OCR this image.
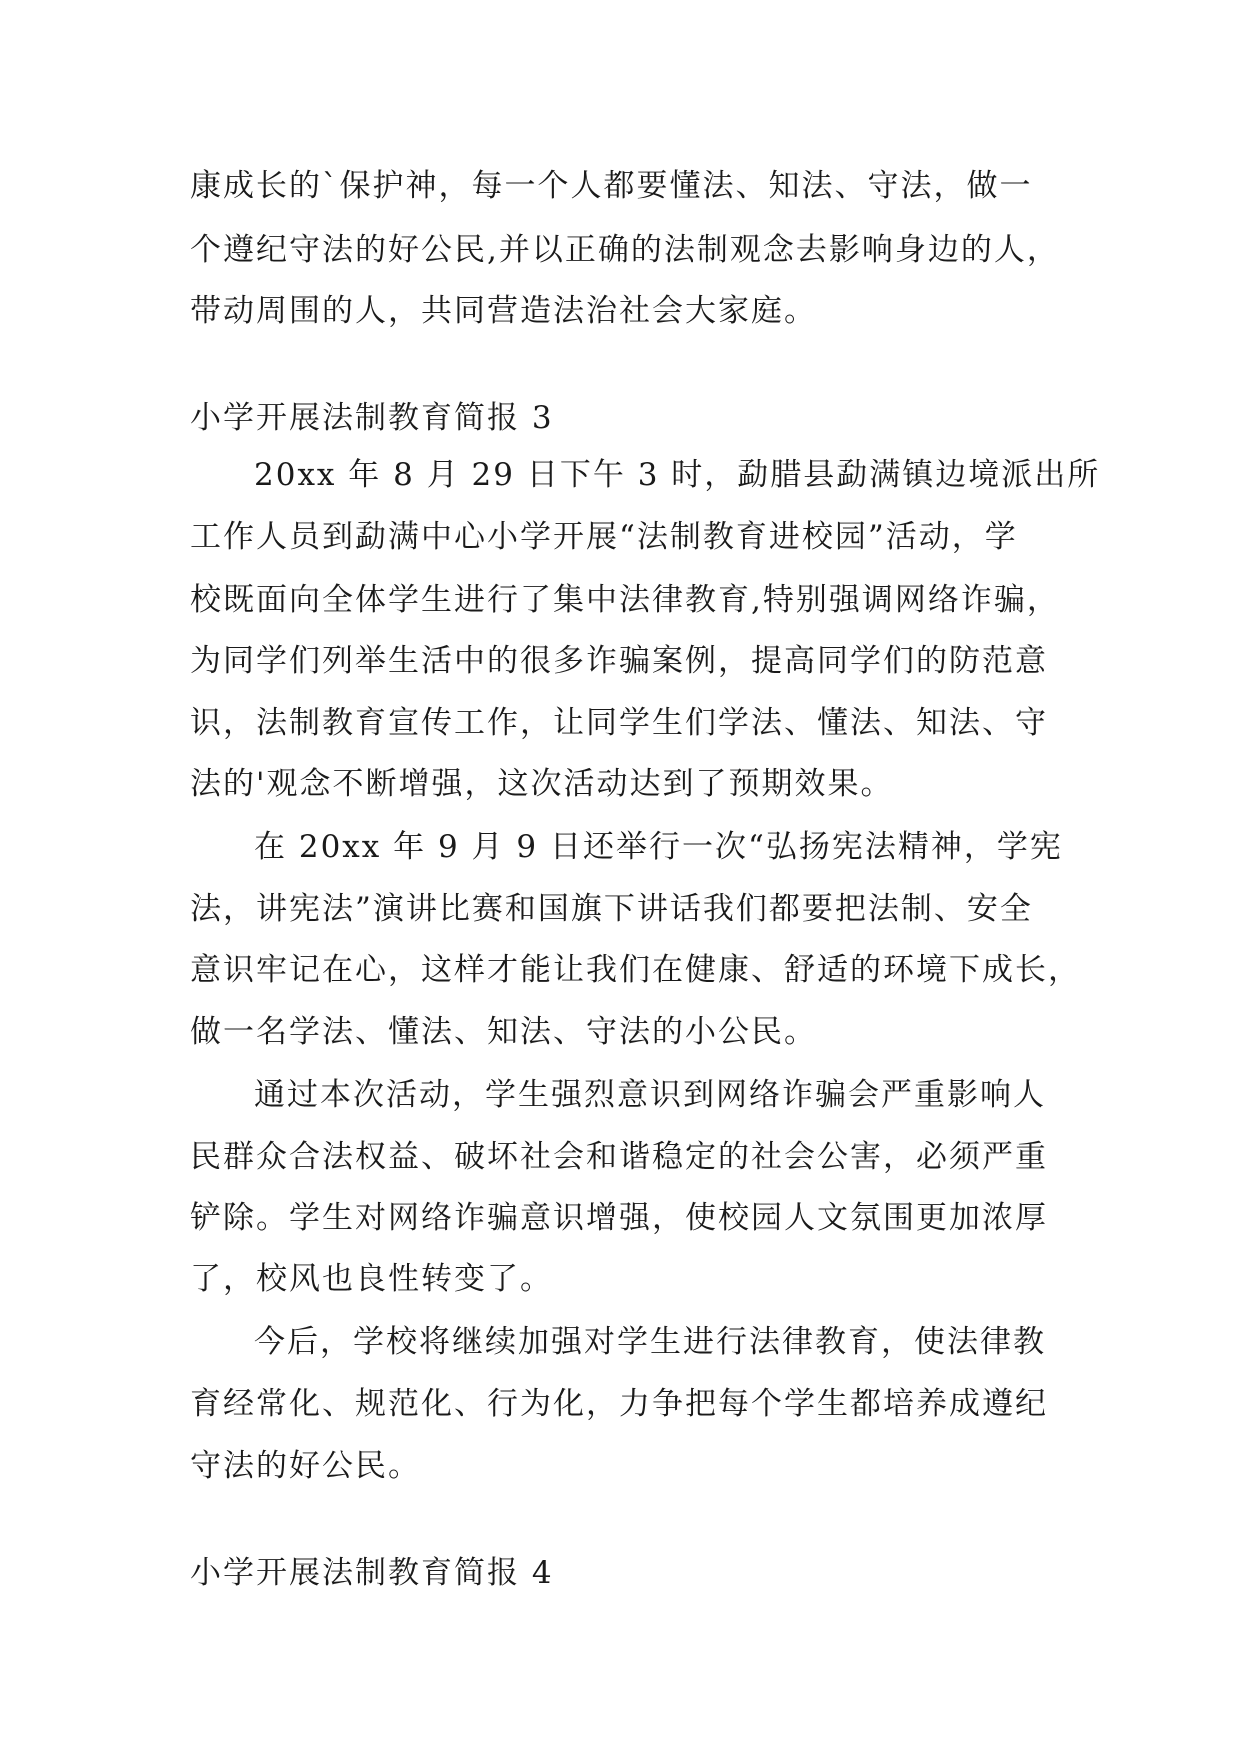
康成长的`保护神，每一个人都要懂法、知法、守法，做一
个遵纪守法的好公民,并以正确的法制观念去影响身边的人，
带动周围的人，共同营造法治社会大家庭。
小学开展法制教育简报 3
20xx 年 8 月 29 日下午 3 时，勐腊县勐满镇边境派出所
工作人员到勐满中心小学开展“法制教育进校园”活动，学
校既面向全体学生进行了集中法律教育,特别强调网络诈骗，
为同学们列举生活中的很多诈骗案例，提高同学们的防范意
识，法制教育宣传工作，让同学生们学法、懂法、知法、守
法的'观念不断增强，这次活动达到了预期效果。
在 20xx 年 9 月 9 日还举行一次“弘扬宪法精神，学宪
法，讲宪法”演讲比赛和国旗下讲话我们都要把法制、安全
意识牢记在心，这样才能让我们在健康、舒适的环境下成长，
做一名学法、懂法、知法、守法的小公民。
通过本次活动，学生强烈意识到网络诈骗会严重影响人
民群众合法权益、破坏社会和谐稳定的社会公害，必须严重
铲除。学生对网络诈骗意识增强，使校园人文氛围更加浓厚
了，校风也良性转变了。
今后，学校将继续加强对学生进行法律教育，使法律教
育经常化、规范化、行为化，力争把每个学生都培养成遵纪
守法的好公民。
小学开展法制教育简报 4
